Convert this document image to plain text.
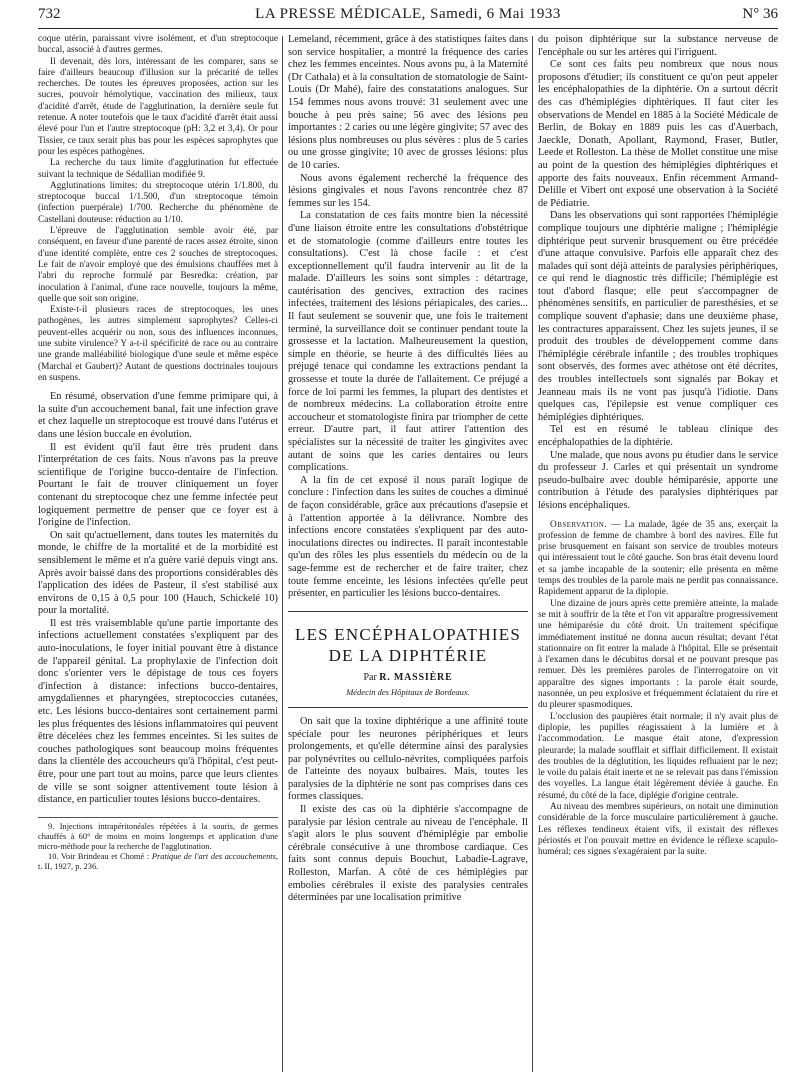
732	LA PRESSE MÉDICALE, Samedi, 6 Mai 1933	N° 36

coque utérin, paraissant vivre isolément, et d'un streptocoque buccal, associé à d'autres germes.

Il devenait, dès lors, intéressant de les comparer, sans se faire d'ailleurs beaucoup d'illusion sur la précarité de telles recherches. De toutes les épreuves proposées, action sur les sucres, pouvoir hémolytique, vaccination des milieux, taux d'acidité d'arrêt, étude de l'agglutination, la dernière seule fut retenue. A noter toutefois que le taux d'acidité d'arrêt était aussi élevé pour l'un et l'autre streptocoque (pH: 3,2 et 3,4). Or pour Tissier, ce taux serait plus bas pour les espèces saprophytes que pour les espèces pathogènes.

La recherche du taux limite d'agglutination fut effectuée suivant la technique de Sédallian modifiée 9.

Agglutinations limites: du streptocoque utérin 1/1.800, du streptocoque buccal 1/1.500, d'un streptocoque témoin (infection puerpérale) 1/700. Recherche du phénomène de Castellani douteuse: réduction au 1/10.

L'épreuve de l'agglutination semble avoir été, par conséquent, en faveur d'une parenté de races assez étroite, sinon d'une identité complète, entre ces 2 souches de streptocoques. Le fait de n'avoir employé que des émulsions chauffées met à l'abri du reproche formulé par Besredka: création, par inoculation à l'animal, d'une race nouvelle, toujours la même, quelle que soit son origine.

Existe-t-il plusieurs races de streptocoques, les unes pathogènes, les autres simplement saprophytes? Celles-ci peuvent-elles acquérir ou non, sous des influences inconnues, une subite virulence? Y a-t-il spécificité de race ou au contraire une grande malléabilité biologique d'une seule et même espèce (Marchal et Gaubert)? Autant de questions doctrinales toujours en suspens.

En résumé, observation d'une femme primipare qui, à la suite d'un accouchement banal, fait une infection grave et chez laquelle un streptocoque est trouvé dans l'utérus et dans une lésion buccale en évolution.

Il est évident qu'il faut être très prudent dans l'interprétation de ces faits. Nous n'avons pas la preuve scientifique de l'origine bucco-dentaire de l'infection. Pourtant le fait de trouver cliniquement un foyer contenant du streptocoque chez une femme infectée peut logiquement permettre de penser que ce foyer est à l'origine de l'infection.

On sait qu'actuellement, dans toutes les maternités du monde, le chiffre de la mortalité et de la morbidité est sensiblement le même et n'a guère varié depuis vingt ans. Après avoir baissé dans des proportions considérables dès l'application des idées de Pasteur, il s'est stabilisé aux environs de 0,15 à 0,5 pour 100 (Hauch, Schickelé 10) pour la mortalité.

Il est très vraisemblable qu'une partie importante des infections actuellement constatées s'expliquent par des auto-inoculations, le foyer initial pouvant être à distance de l'appareil génital. La prophylaxie de l'infection doit donc s'orienter vers le dépistage de tous ces foyers d'infection à distance: infections bucco-dentaires, amygdaliennes et pharyngées, streptococcies cutanées, etc. Les lésions bucco-dentaires sont certainement parmi les plus fréquentes des lésions inflammatoires qui peuvent être décelées chez les femmes enceintes. Si les suites de couches pathologiques sont beaucoup moins fréquentes dans la clientèle des accoucheurs qu'à l'hôpital, c'est peut-être, pour une part tout au moins, parce que leurs clientes de ville se sont soigner attentivement toute lésion à distance, en particulier toutes lésions bucco-dentaires.

9. Injections intrapéritonéales répétées à la souris, de germes chauffés à 60° de moins en moins longtemps et application d'une micro-méthode pour la recherche de l'agglutination.

10. Voir Brindeau et Chomé : Pratique de l'art des accouchements, t. II, 1927, p. 236.

Lemeland, récemment, grâce à des statistiques faites dans son service hospitalier, a montré la fréquence des caries chez les femmes enceintes. Nous avons pu, à la Maternité (Dr Cathala) et à la consultation de stomatologie de Saint-Louis (Dr Mahé), faire des constatations analogues. Sur 154 femmes nous avons trouvé: 31 seulement avec une bouche à peu près saine; 56 avec des lésions peu importantes : 2 caries ou une légère gingivite; 57 avec des lésions plus nombreuses ou plus sévères : plus de 5 caries ou une grosse gingivite; 10 avec de grosses lésions: plus de 10 caries.

Nous avons également recherché la fréquence des lésions gingivales et nous l'avons rencontrée chez 87 femmes sur les 154.

La constatation de ces faits montre bien la nécessité d'une liaison étroite entre les consultations d'obstétrique et de stomatologie (comme d'ailleurs entre toutes les consultations). C'est là chose facile : et c'est exceptionnellement qu'il faudra intervenir au lit de la malade. D'ailleurs les soins sont simples : détartrage, cautérisation des gencives, extraction des racines infectées, traitement des lésions périapicales, des caries... Il faut seulement se souvenir que, une fois le traitement terminé, la surveillance doit se continuer pendant toute la grossesse et la lactation. Malheureusement la question, simple en théorie, se heurte à des difficultés liées au préjugé tenace qui condamne les extractions pendant la grossesse et toute la durée de l'allaitement. Ce préjugé a force de loi parmi les femmes, la plupart des dentistes et de nombreux médecins. La collaboration étroite entre accoucheur et stomatologiste finira par triompher de cette erreur. D'autre part, il faut attirer l'attention des spécialistes sur la nécessité de traiter les gingivites avec autant de soins que les caries dentaires ou leurs complications.

A la fin de cet exposé il nous paraît logique de conclure : l'infection dans les suites de couches a diminué de façon considérable, grâce aux précautions d'asepsie et à l'attention apportée à la délivrance. Nombre des infections encore constatées s'expliquent par des auto-inoculations directes ou indirectes. Il paraît incontestable qu'un des rôles les plus essentiels du médecin ou de la sage-femme est de rechercher et de faire traiter, chez toute femme enceinte, les lésions infectées qu'elle peut présenter, en particulier les lésions bucco-dentaires.

LES ENCÉPHALOPATHIES
DE LA DIPHTÉRIE
Par R. MASSIÈRE
Médecin des Hôpitaux de Bordeaux.

On sait que la toxine diphtérique a une affinité toute spéciale pour les neurones périphériques et leurs prolongements, et qu'elle détermine ainsi des paralysies par polynévrites ou cellulo-névrites, compliquées parfois de l'atteinte des noyaux bulbaires. Mais, toutes les paralysies de la diphtérie ne sont pas comprises dans ces formes classiques.

Il existe des cas où la diphtérie s'accompagne de paralysie par lésion centrale au niveau de l'encéphale. Il s'agit alors le plus souvent d'hémiplégie par embolie cérébrale consécutive à une thrombose cardiaque. Ces faits sont connus depuis Bouchut, Labadie-Lagrave, Rolleston, Marfan. A côté de ces hémiplégies par embolies cérébrales il existe des paralysies centrales déterminées par une localisation primitive

du poison diphtérique sur la substance nerveuse de l'encéphale ou sur les artères qui l'irriguent.

Ce sont ces faits peu nombreux que nous nous proposons d'étudier; ils constituent ce qu'on peut appeler les encéphalopathies de la diphtérie. On a surtout décrit des cas d'hémiplégies diphtériques. Il faut citer les observations de Mendel en 1885 à la Société Médicale de Berlin, de Bokay en 1889 puis les cas d'Auerbach, Jaeckle, Donath, Apollant, Raymond, Fraser, Butler, Leede et Rolleston. La thèse de Mollet constitue une mise au point de la question des hémiplégies diphtériques et apporte des faits nouveaux. Enfin récemment Armand-Delille et Vibert ont exposé une observation à la Société de Pédiatrie.

Dans les observations qui sont rapportées l'hémiplégie complique toujours une diphtérie maligne ; l'hémiplégie diphtérique peut survenir brusquement ou être précédée d'une attaque convulsive. Parfois elle apparaît chez des malades qui sont déjà atteints de paralysies périphériques, ce qui rend le diagnostic très difficile; l'hémiplégie est tout d'abord flasque; elle peut s'accompagner de phénomènes sensitifs, en particulier de paresthésies, et se complique souvent d'aphasie; dans une deuxième phase, les contractures apparaissent. Chez les sujets jeunes, il se produit des troubles de développement comme dans l'hémiplégie cérébrale infantile ; des troubles trophiques sont observés, des formes avec athétose ont été décrites, des troubles intellectuels sont signalés par Bokay et Jeanneau mais ils ne vont pas jusqu'à l'idiotie. Dans quelques cas, l'épilepsie est venue compliquer ces hémiplégies diphtériques.

Tel est en résumé le tableau clinique des encéphalopathies de la diphtérie.

Une malade, que nous avons pu étudier dans le service du professeur J. Carles et qui présentait un syndrome pseudo-bulbaire avec double hémiparésie, apporte une contribution à l'étude des paralysies diphtériques par lésions encéphaliques.

Observation. — La malade, âgée de 35 ans, exerçait la profession de femme de chambre à bord des navires. Elle fut prise brusquement en faisant son service de troubles moteurs qui intéressaient tout le côté gauche. Son bras était devenu lourd et sa jambe incapable de la soutenir; elle présenta en même temps des troubles de la parole mais ne perdit pas connaissance. Rapidement apparut de la diplopie.

Une dizaine de jours après cette première atteinte, la malade se mit à souffrir de la tête et l'on vit apparaître progressivement une hémiparésie du côté droit. Un traitement spécifique immédiatement institué ne donna aucun résultat; devant l'état stationnaire on fit entrer la malade à l'hôpital. Elle se présentait à l'examen dans le décubitus dorsal et ne pouvant presque pas remuer. Dès les premières paroles de l'interrogatoire on vit apparaître des signes importants : la parole était sourde, nasonnée, un peu explosive et fréquemment éclataient du rire et du pleurer spasmodiques.

L'occlusion des paupières était normale; il n'y avait plus de diplopie, les pupilles réagissaient à la lumière et à l'accommodation. Le masque était atone, d'expression pleurarde; la malade soufflait et sifflait difficilement. Il existait des troubles de la déglutition, les liquides refluaient par le nez; le voile du palais était inerte et ne se relevait pas dans l'émission des voyelles. La langue était légèrement déviée à gauche. En résumé, du côté de la face, diplégie d'origine centrale.

Au niveau des membres supérieurs, on notait une diminution considérable de la force musculaire particulièrement à gauche. Les réflexes tendineux étaient vifs, il existait des réflexes périostés et l'on pouvait mettre en évidence le réflexe scapulo-huméral; ces signes s'exagéraient par la suite.
